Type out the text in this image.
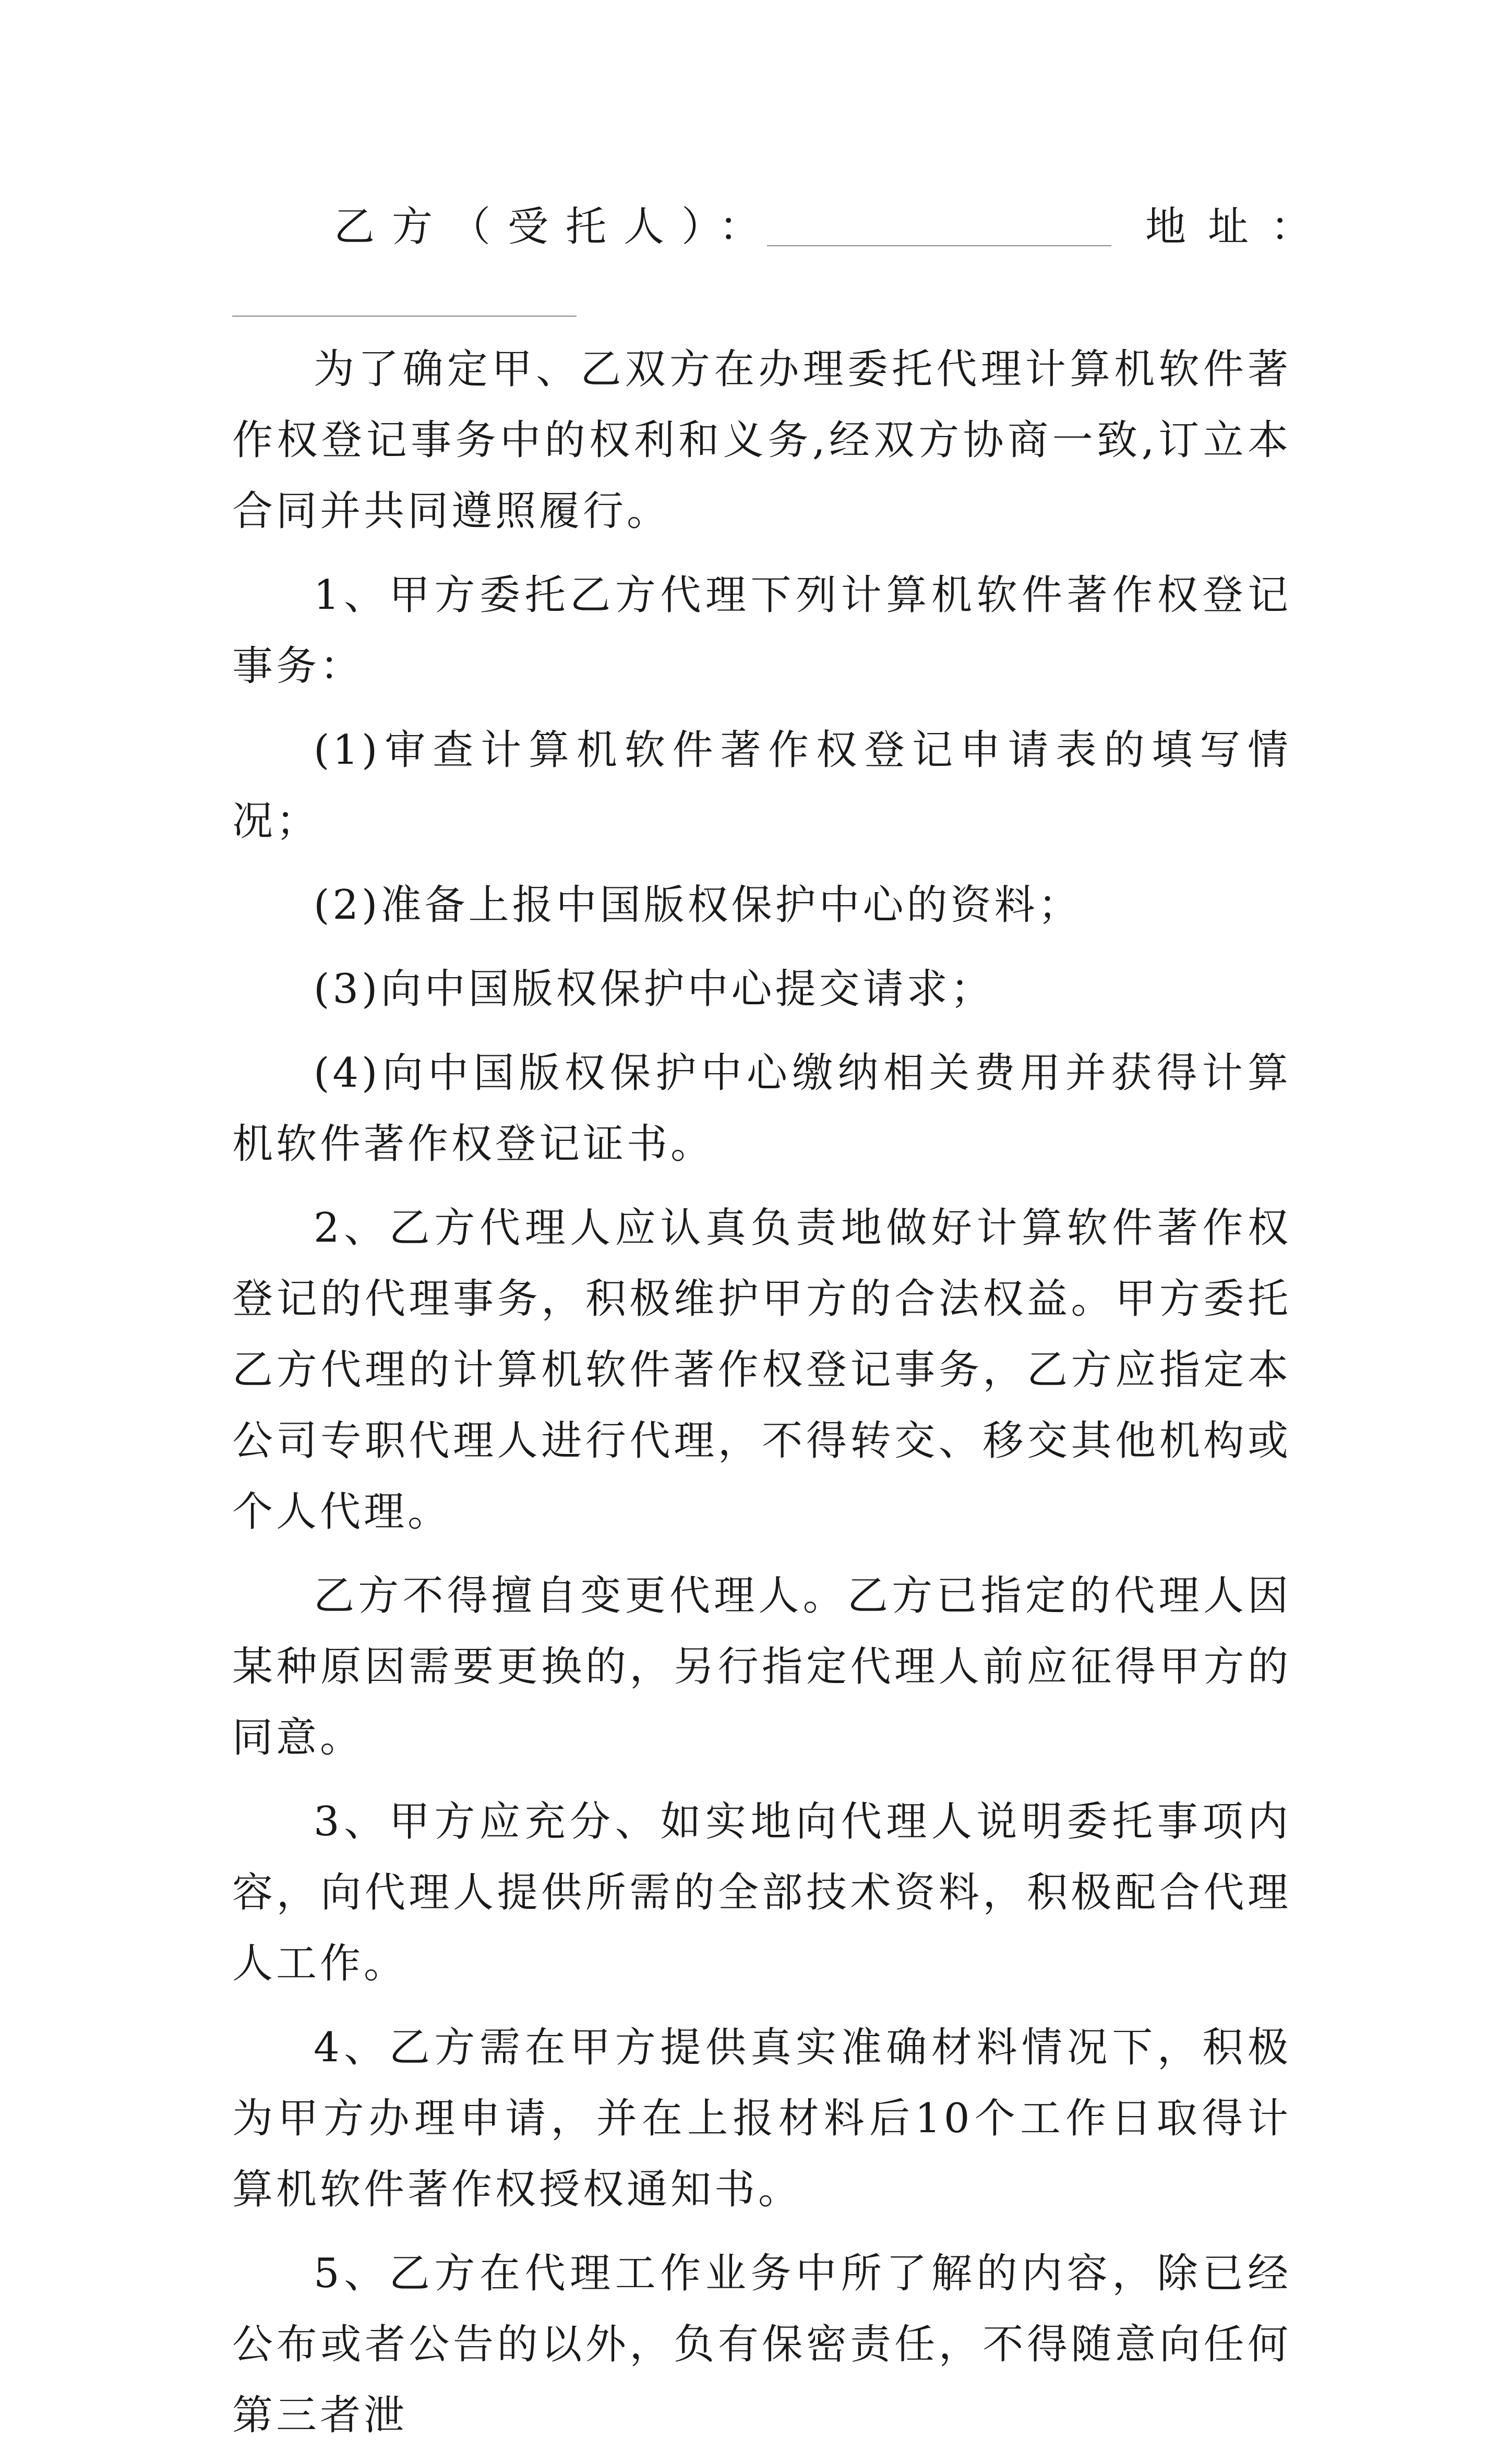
乙方（受托人）：	地址：

为了确定甲、乙双方在办理委托代理计算机软件著作权登记事务中的权利和义务,经双方协商一致,订立本合同并共同遵照履行。

1、甲方委托乙方代理下列计算机软件著作权登记事务：

(1)审查计算机软件著作权登记申请表的填写情况；

(2)准备上报中国版权保护中心的资料；

(3)向中国版权保护中心提交请求；

(4)向中国版权保护中心缴纳相关费用并获得计算机软件著作权登记证书。

2、乙方代理人应认真负责地做好计算软件著作权登记的代理事务，积极维护甲方的合法权益。甲方委托乙方代理的计算机软件著作权登记事务，乙方应指定本公司专职代理人进行代理，不得转交、移交其他机构或个人代理。

乙方不得擅自变更代理人。乙方已指定的代理人因某种原因需要更换的，另行指定代理人前应征得甲方的同意。

3、甲方应充分、如实地向代理人说明委托事项内容，向代理人提供所需的全部技术资料，积极配合代理人工作。

4、乙方需在甲方提供真实准确材料情况下，积极为甲方办理申请，并在上报材料后10个工作日取得计算机软件著作权授权通知书。

5、乙方在代理工作业务中所了解的内容，除已经公布或者公告的以外，负有保密责任，不得随意向任何第三者泄
